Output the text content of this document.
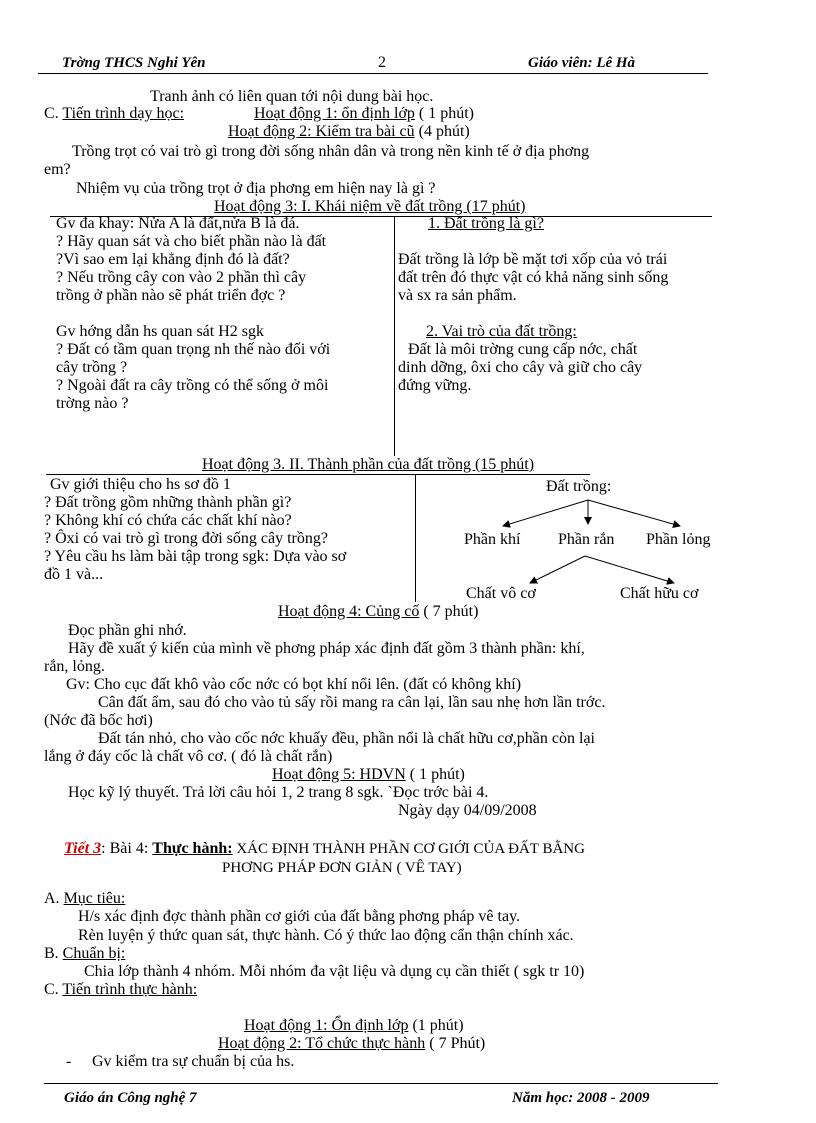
Trờng THCS Nghi Yên	2	Giáo viên: Lê Hà
Tranh ảnh có liên quan tới nội dung bài học.
C. Tiến trình dạy học:	Hoạt động 1: ổn định lớp ( 1 phút)
Hoạt động 2: Kiểm tra bài cũ (4 phút)
Trồng trọt có vai trò gì trong đời sống nhân dân và trong nền kinh tế ở địa phơng
em?
Nhiệm vụ của trồng trọt ở địa phơng em hiện nay là gì ?
Hoạt động 3: I. Khái niệm về đất trồng (17 phút)
Gv đa khay: Nửa A là đất,nửa B là đá.
? Hãy quan sát và cho biết phần nào là đất
?Vì sao em lại khẳng định đó là đất?
? Nếu trồng cây con vào 2 phần thì cây
trồng ở phần nào sẽ phát triển đợc ?
Gv hớng dẫn hs quan sát H2 sgk
? Đất có tầm quan trọng nh thế nào đối với
cây trồng ?
? Ngoài đất ra cây trồng có thể sống ở môi
trờng nào ?
1. Đất trồng là gì?
Đất trồng là lớp bề mặt tơi xốp của vỏ trái
đất trên đó thực vật có khả năng sinh sống
và sx ra sản phẩm.
2. Vai trò của đất trồng:
Đất là môi trờng cung cấp nớc, chất
dinh dỡng, ôxi cho cây và giữ cho cây
đứng vững.
Hoạt động 3. II. Thành phần của đất trồng (15 phút)
Gv giới thiệu cho hs sơ đồ 1
? Đất trồng gồm những thành phần gì?
? Không khí có chứa các chất khí nào?
? Ôxi có vai trò gì trong đời sống cây trồng?
? Yêu cầu hs làm bài tập trong sgk: Dựa vào sơ
đồ 1 và...
Đất trồng:
Phần khí Phần rắn Phần lỏng
Chất vô cơ	Chất hữu cơ
Hoạt động 4: Củng cố ( 7 phút)
Đọc phần ghi nhớ.
Hãy đề xuất ý kiến của mình về phơng pháp xác định đất gồm 3 thành phần: khí,
rắn, lỏng.
Gv: Cho cục đất khô vào cốc nớc có bọt khí nổi lên. (đất có không khí)
Cân đất ẩm, sau đó cho vào tủ sấy rồi mang ra cân lại, lần sau nhẹ hơn lần trớc.
(Nớc đã bốc hơi)
Đất tán nhỏ, cho vào cốc nớc khuấy đều, phần nổi là chất hữu cơ,phần còn lại
lắng ở đáy cốc là chất vô cơ. ( đó là chất rắn)
Hoạt động 5: HDVN ( 1 phút)
Học kỹ lý thuyết. Trả lời câu hỏi 1, 2 trang 8 sgk. `Đọc trớc bài 4.
Ngày dạy 04/09/2008
Tiết 3: Bài 4: Thực hành: XÁC ĐỊNH THÀNH PHẦN CƠ GIỚI CỦA ĐẤT BẰNG
PHƠNG PHÁP ĐƠN GIẢN ( VÊ TAY)
A. Mục tiêu:
H/s xác định đợc thành phần cơ giới của đất bằng phơng pháp vê tay.
Rèn luyện ý thức quan sát, thực hành. Có ý thức lao động cẩn thận chính xác.
B. Chuẩn bị:
Chia lớp thành 4 nhóm. Mỗi nhóm đa vật liệu và dụng cụ cần thiết ( sgk tr 10)
C. Tiến trình thực hành:
Hoạt động 1: Ổn định lớp (1 phút)
Hoạt động 2: Tổ chức thực hành ( 7 Phút)
- Gv kiểm tra sự chuẩn bị của hs.
Giáo án Công nghệ 7	Năm học: 2008 - 2009
